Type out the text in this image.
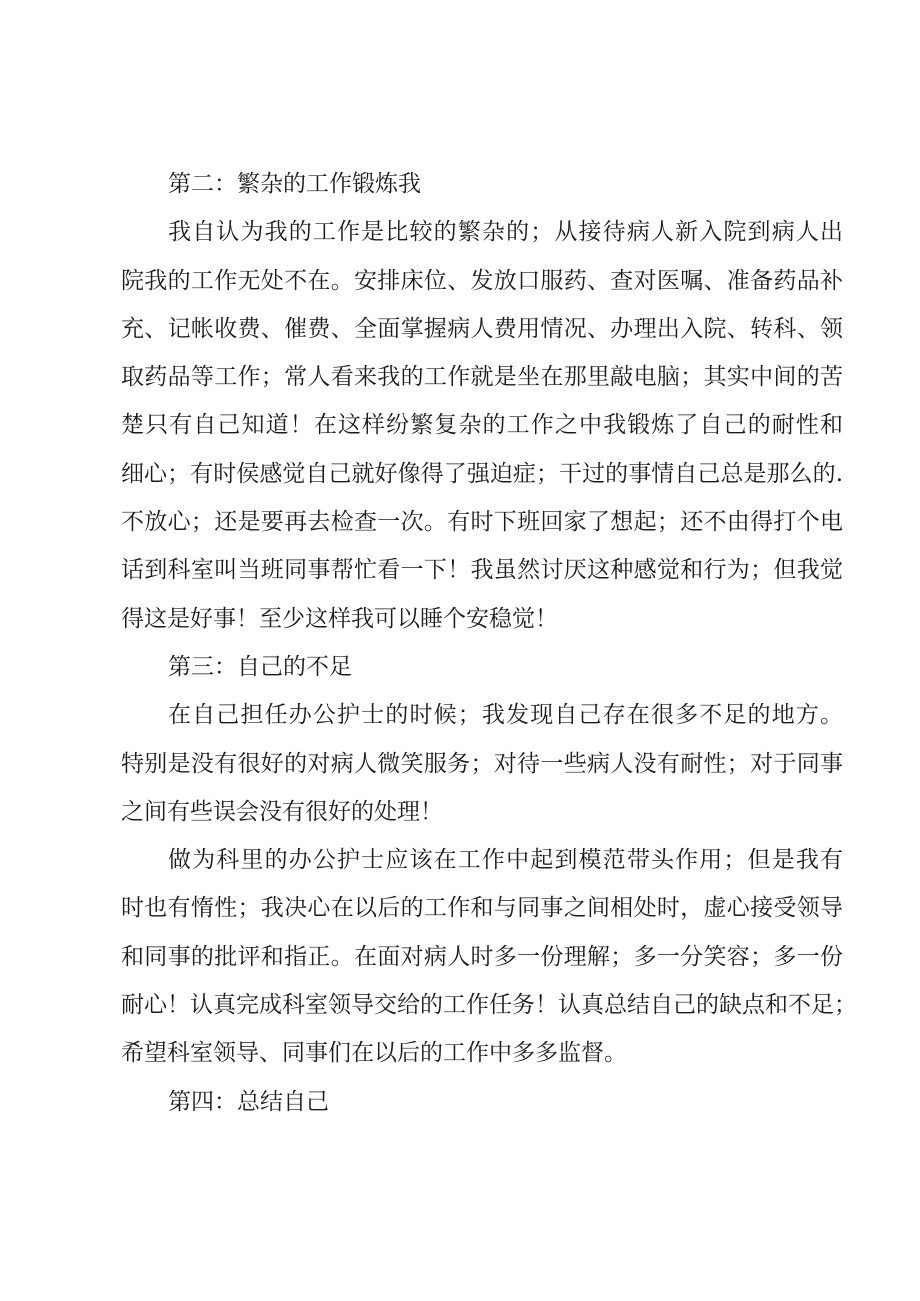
第二：繁杂的工作锻炼我
我自认为我的工作是比较的繁杂的；从接待病人新入院到病人出
院我的工作无处不在。安排床位、发放口服药、查对医嘱、准备药品补
充、记帐收费、催费、全面掌握病人费用情况、办理出入院、转科、领
取药品等工作；常人看来我的工作就是坐在那里敲电脑；其实中间的苦
楚只有自己知道！在这样纷繁复杂的工作之中我锻炼了自己的耐性和
细心；有时侯感觉自己就好像得了强迫症；干过的事情自己总是那么的.
不放心；还是要再去检查一次。有时下班回家了想起；还不由得打个电
话到科室叫当班同事帮忙看一下！我虽然讨厌这种感觉和行为；但我觉
得这是好事！至少这样我可以睡个安稳觉！
第三：自己的不足
在自己担任办公护士的时候；我发现自己存在很多不足的地方。
特别是没有很好的对病人微笑服务；对待一些病人没有耐性；对于同事
之间有些误会没有很好的处理！
做为科里的办公护士应该在工作中起到模范带头作用；但是我有
时也有惰性；我决心在以后的工作和与同事之间相处时，虚心接受领导
和同事的批评和指正。在面对病人时多一份理解；多一分笑容；多一份
耐心！认真完成科室领导交给的工作任务！认真总结自己的缺点和不足；
希望科室领导、同事们在以后的工作中多多监督。
第四：总结自己
